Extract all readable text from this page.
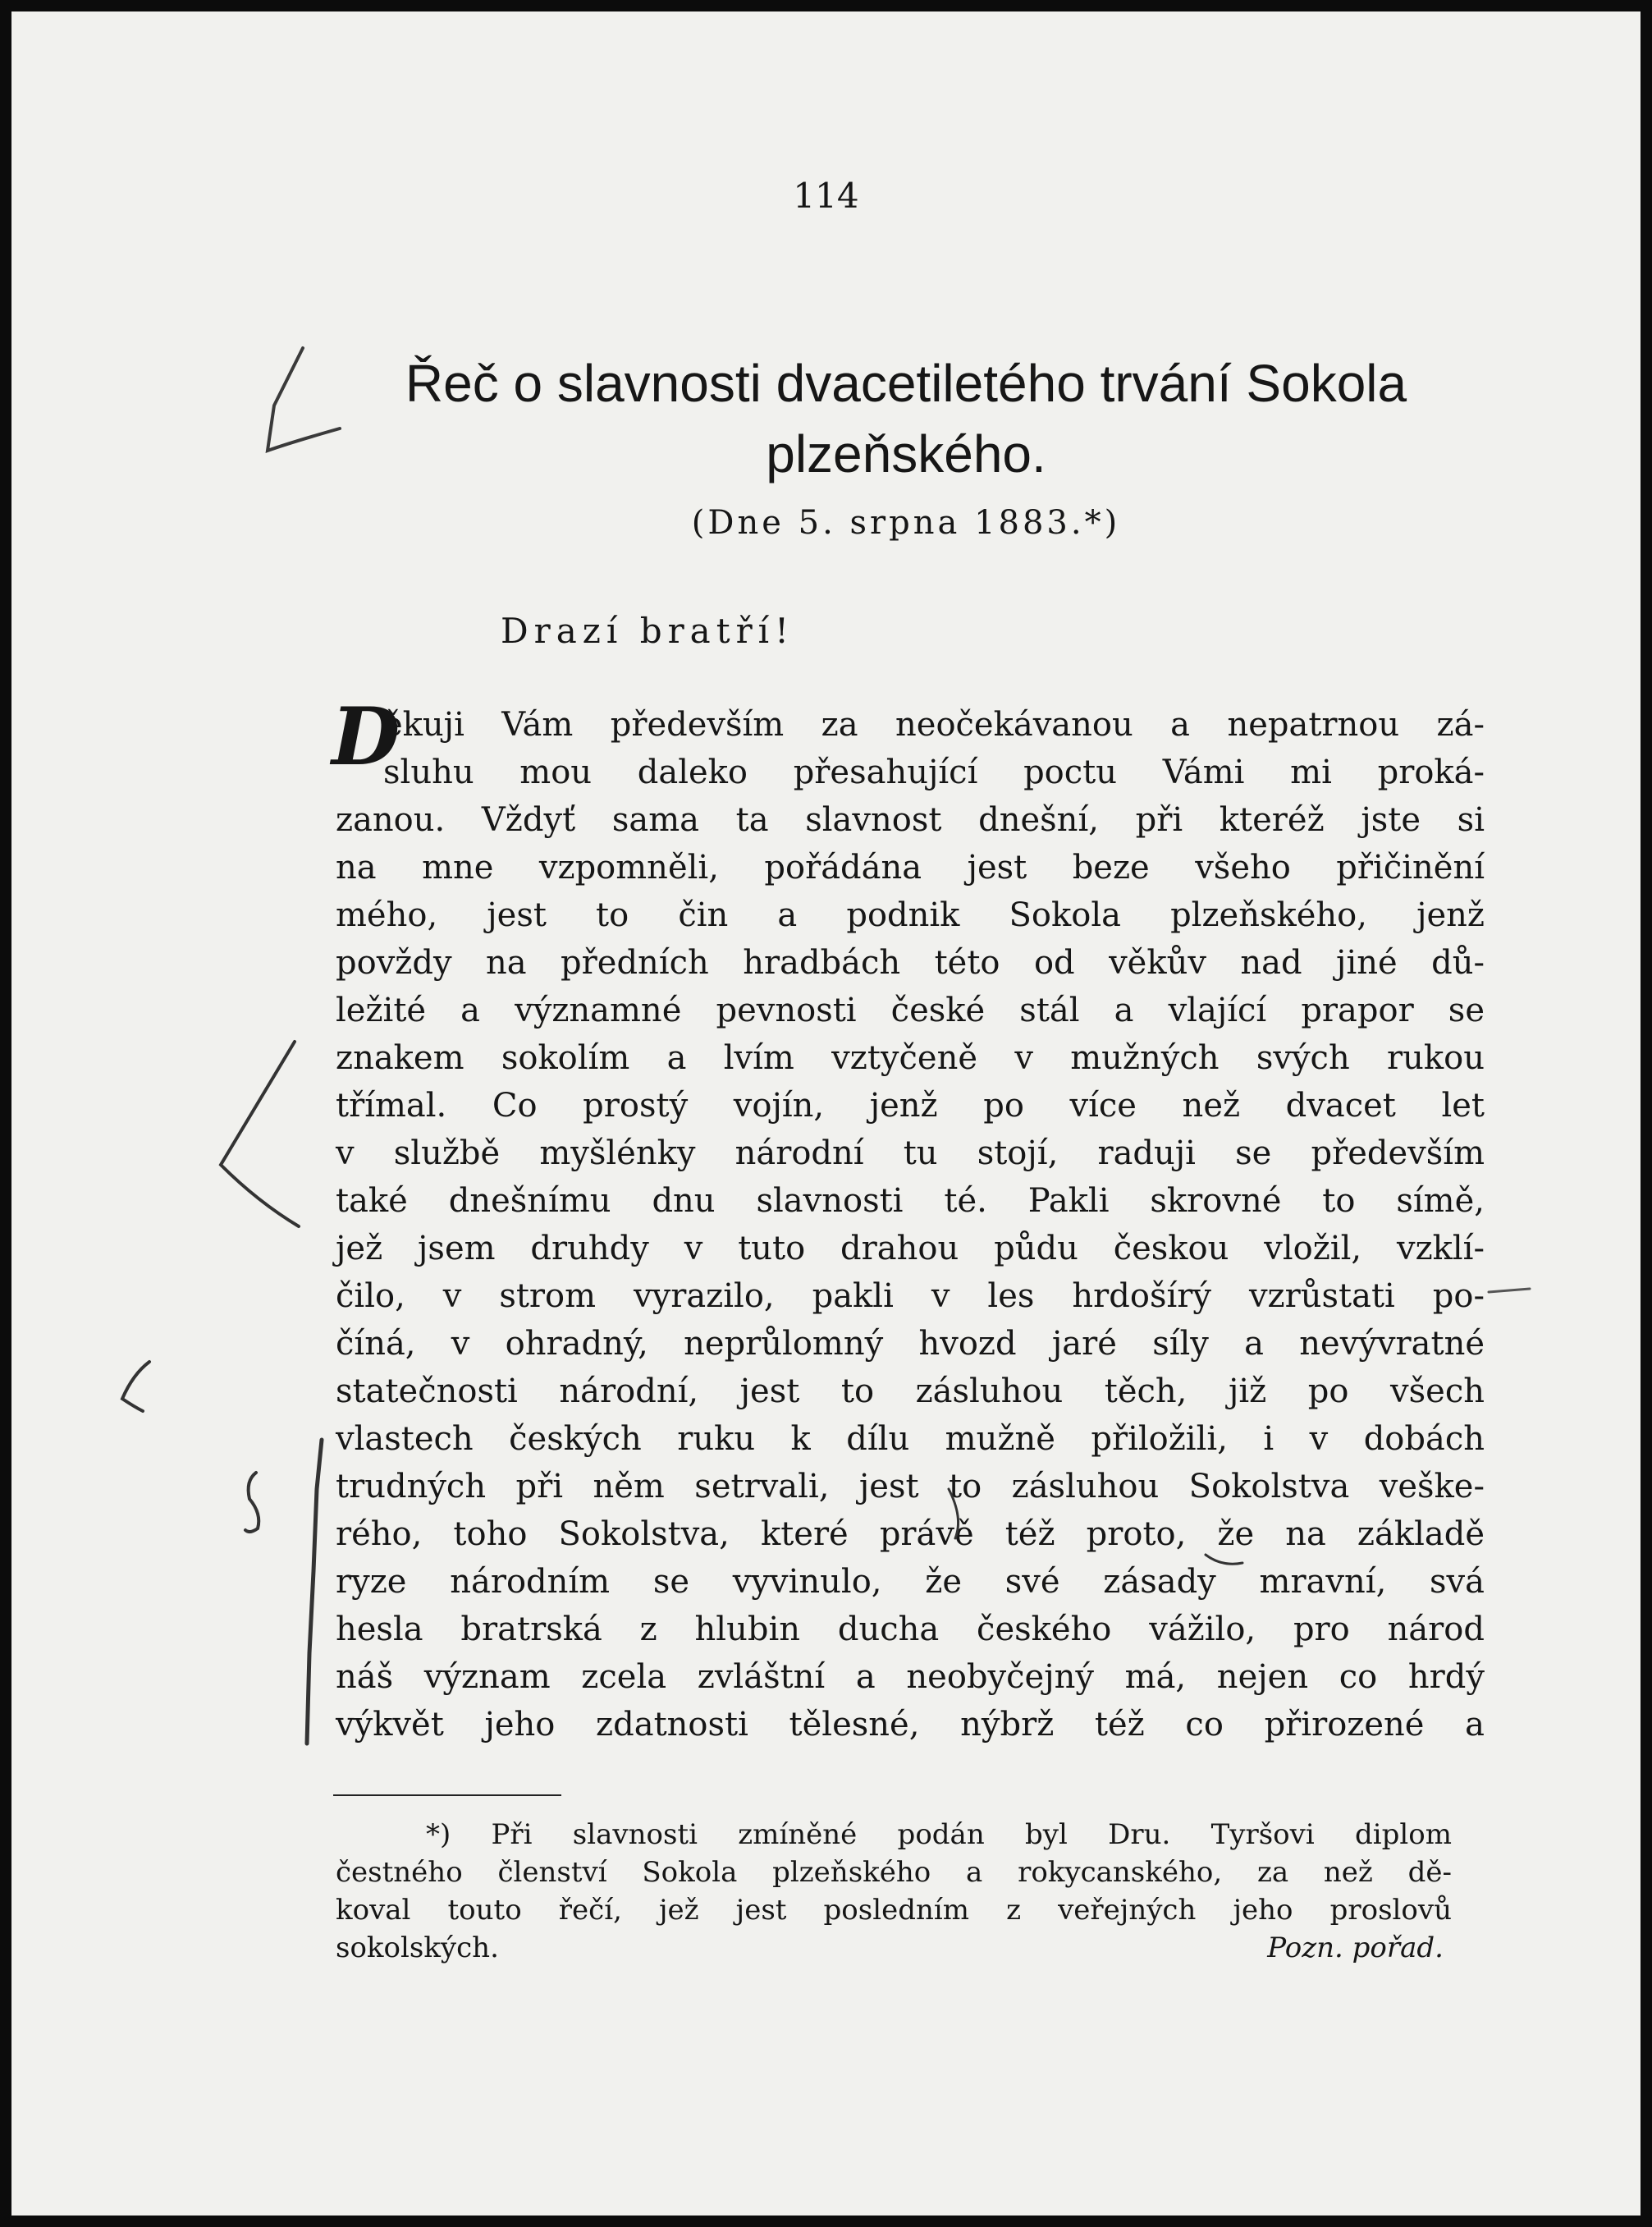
114
Řeč o slavnosti dvacetiletého trvání Sokola
plzeňského.
(Dne 5. srpna 1883.*)
Drazí bratří!
D
ěkuji Vám především za neočekávanou a nepatrnou zá-
sluhu mou daleko přesahující poctu Vámi mi proká-
zanou. Vždyť sama ta slavnost dnešní, při kteréž jste si
na mne vzpomněli, pořádána jest beze všeho přičinění
mého, jest to čin a podnik Sokola plzeňského, jenž
povždy na předních hradbách této od věkův nad jiné dů-
ležité a významné pevnosti české stál a vlající prapor se
znakem sokolím a lvím vztyčeně v mužných svých rukou
třímal. Co prostý vojín, jenž po více než dvacet let
v službě myšlénky národní tu stojí, raduji se především
také dnešnímu dnu slavnosti té. Pakli skrovné to símě,
jež jsem druhdy v tuto drahou půdu českou vložil, vzklí-
čilo, v strom vyrazilo, pakli v les hrdošírý vzrůstati po-
číná, v ohradný, neprůlomný hvozd jaré síly a nevývratné
statečnosti národní, jest to zásluhou těch, již po všech
vlastech českých ruku k dílu mužně přiložili, i v dobách
trudných při něm setrvali, jest to zásluhou Sokolstva veške-
rého, toho Sokolstva, které právě též proto, že na základě
ryze národním se vyvinulo, že své zásady mravní, svá
hesla bratrská z hlubin ducha českého vážilo, pro národ
náš význam zcela zvláštní a neobyčejný má, nejen co hrdý
výkvět jeho zdatnosti tělesné, nýbrž též co přirozené a
*) Při slavnosti zmíněné podán byl Dru. Tyršovi diplom
čestného členství Sokola plzeňského a rokycanského, za než dě-
koval touto řečí, jež jest posledním z veřejných jeho proslovů
sokolských.	Pozn. pořad.
